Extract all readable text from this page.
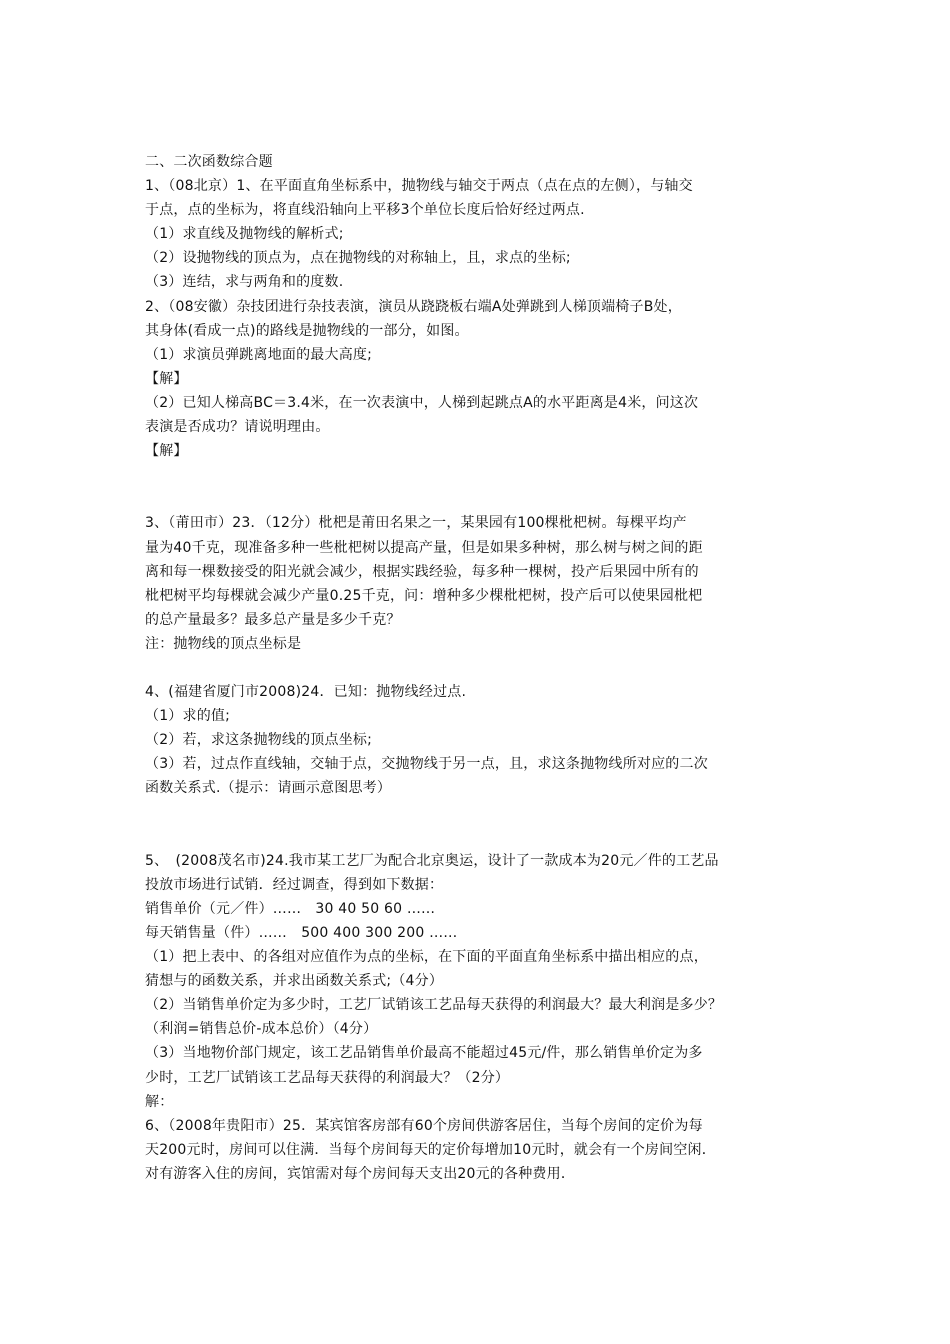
二、二次函数综合题
1、（08北京）1、在平面直角坐标系中，抛物线与轴交于两点（点在点的左侧），与轴交
于点，点的坐标为，将直线沿轴向上平移3个单位长度后恰好经过两点.
（1）求直线及抛物线的解析式;
（2）设抛物线的顶点为，点在抛物线的对称轴上，且，求点的坐标;
（3）连结，求与两角和的度数.
2、（08安徽）杂技团进行杂技表演，演员从跷跷板右端A处弹跳到人梯顶端椅子B处，
其身体(看成一点)的路线是抛物线的一部分，如图。
（1）求演员弹跳离地面的最大高度;
【解】
（2）已知人梯高BC＝3.4米，在一次表演中，人梯到起跳点A的水平距离是4米，问这次
表演是否成功？请说明理由。
【解】
3、（莆田市）23．（12分）枇杷是莆田名果之一，某果园有100棵枇杷树。每棵平均产
量为40千克，现准备多种一些枇杷树以提高产量，但是如果多种树，那么树与树之间的距
离和每一棵数接受的阳光就会减少，根据实践经验，每多种一棵树，投产后果园中所有的
枇杷树平均每棵就会减少产量0.25千克，问：增种多少棵枇杷树，投产后可以使果园枇杷
的总产量最多？最多总产量是多少千克？
注：抛物线的顶点坐标是
4、(福建省厦门市2008)24．已知：抛物线经过点.
（1）求的值;
（2）若，求这条抛物线的顶点坐标;
（3）若，过点作直线轴，交轴于点，交抛物线于另一点，且，求这条抛物线所对应的二次
函数关系式.（提示：请画示意图思考）
5、　(2008茂名市)24.我市某工艺厂为配合北京奥运，设计了一款成本为20元／件的工艺品
投放市场进行试销．经过调查，得到如下数据：
销售单价（元／件）……　30 40 50 60 ……
每天销售量（件）……　500 400 300 200 ……
（1）把上表中、的各组对应值作为点的坐标，在下面的平面直角坐标系中描出相应的点，
猜想与的函数关系，并求出函数关系式;（4分）
（2）当销售单价定为多少时，工艺厂试销该工艺品每天获得的利润最大？最大利润是多少？
（利润=销售总价-成本总价）（4分）
（3）当地物价部门规定，该工艺品销售单价最高不能超过45元/件，那么销售单价定为多
少时，工艺厂试销该工艺品每天获得的利润最大？（2分）
解：
6、（2008年贵阳市）25．某宾馆客房部有60个房间供游客居住，当每个房间的定价为每
天200元时，房间可以住满．当每个房间每天的定价每增加10元时，就会有一个房间空闲．
对有游客入住的房间，宾馆需对每个房间每天支出20元的各种费用．
